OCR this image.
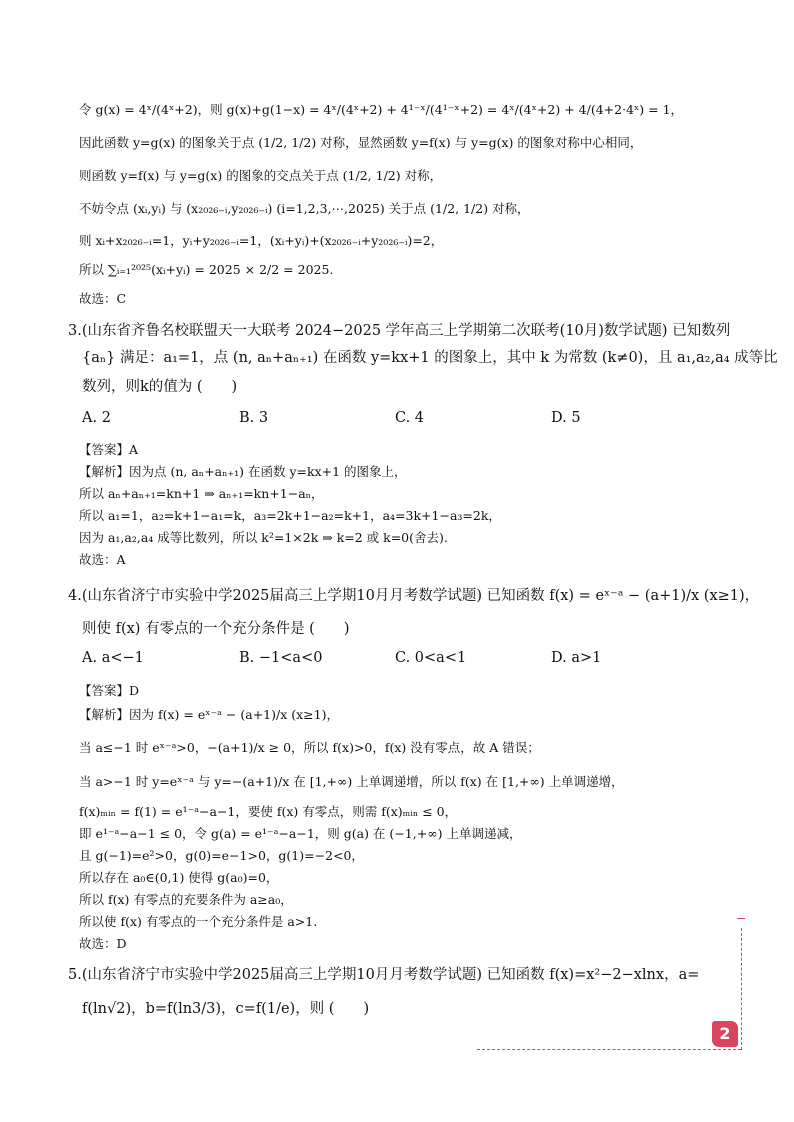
令 g(x) = 4ˣ/(4ˣ+2)，则 g(x)+g(1−x) = 4ˣ/(4ˣ+2) + 4¹⁻ˣ/(4¹⁻ˣ+2) = 4ˣ/(4ˣ+2) + 4/(4+2·4ˣ) = 1，
因此函数 y=g(x) 的图象关于点 (1/2, 1/2) 对称，显然函数 y=f(x) 与 y=g(x) 的图象对称中心相同，
则函数 y=f(x) 与 y=g(x) 的图象的交点关于点 (1/2, 1/2) 对称，
不妨令点 (xᵢ,yᵢ) 与 (x₂₀₂₆₋ᵢ,y₂₀₂₆₋ᵢ) (i=1,2,3,⋯,2025) 关于点 (1/2, 1/2) 对称，
则 xᵢ+x₂₀₂₆₋ᵢ=1，yᵢ+y₂₀₂₆₋ᵢ=1，(xᵢ+yᵢ)+(x₂₀₂₆₋ᵢ+y₂₀₂₆₋ᵢ)=2，
所以 ∑ᵢ₌₁²⁰²⁵(xᵢ+yᵢ) = 2025 × 2/2 = 2025.
故选：C
3.(山东省齐鲁名校联盟天一大联考 2024−2025 学年高三上学期第二次联考(10月)数学试题) 已知数列
{aₙ} 满足：a₁=1，点 (n, aₙ+aₙ₊₁) 在函数 y=kx+1 的图象上，其中 k 为常数 (k≠0)，且 a₁,a₂,a₄ 成等比
数列，则k的值为 (　　)
A. 2	B. 3	C. 4	D. 5
【答案】A
【解析】因为点 (n, aₙ+aₙ₊₁) 在函数 y=kx+1 的图象上，
所以 aₙ+aₙ₊₁=kn+1 ⇒ aₙ₊₁=kn+1−aₙ，
所以 a₁=1，a₂=k+1−a₁=k，a₃=2k+1−a₂=k+1，a₄=3k+1−a₃=2k，
因为 a₁,a₂,a₄ 成等比数列，所以 k²=1×2k ⇒ k=2 或 k=0(舍去).
故选：A
4.(山东省济宁市实验中学2025届高三上学期10月月考数学试题) 已知函数 f(x) = eˣ⁻ᵃ − (a+1)/x (x≥1)，
则使 f(x) 有零点的一个充分条件是 (　　)
A. a<−1	B. −1<a<0	C. 0<a<1	D. a>1
【答案】D
【解析】因为 f(x) = eˣ⁻ᵃ − (a+1)/x (x≥1)，
当 a≤−1 时 eˣ⁻ᵃ>0，−(a+1)/x ≥ 0，所以 f(x)>0，f(x) 没有零点，故 A 错误；
当 a>−1 时 y=eˣ⁻ᵃ 与 y=−(a+1)/x 在 [1,+∞) 上单调递增，所以 f(x) 在 [1,+∞) 上单调递增，
f(x)ₘᵢₙ = f(1) = e¹⁻ᵃ−a−1，要使 f(x) 有零点，则需 f(x)ₘᵢₙ ≤ 0，
即 e¹⁻ᵃ−a−1 ≤ 0，令 g(a) = e¹⁻ᵃ−a−1，则 g(a) 在 (−1,+∞) 上单调递减，
且 g(−1)=e²>0，g(0)=e−1>0，g(1)=−2<0，
所以存在 a₀∈(0,1) 使得 g(a₀)=0，
所以 f(x) 有零点的充要条件为 a≥a₀，
所以使 f(x) 有零点的一个充分条件是 a>1.
故选：D
5.(山东省济宁市实验中学2025届高三上学期10月月考数学试题) 已知函数 f(x)=x²−2−xlnx，a=
f(ln√2)，b=f(ln3/3)，c=f(1/e)，则 (　　)
2
